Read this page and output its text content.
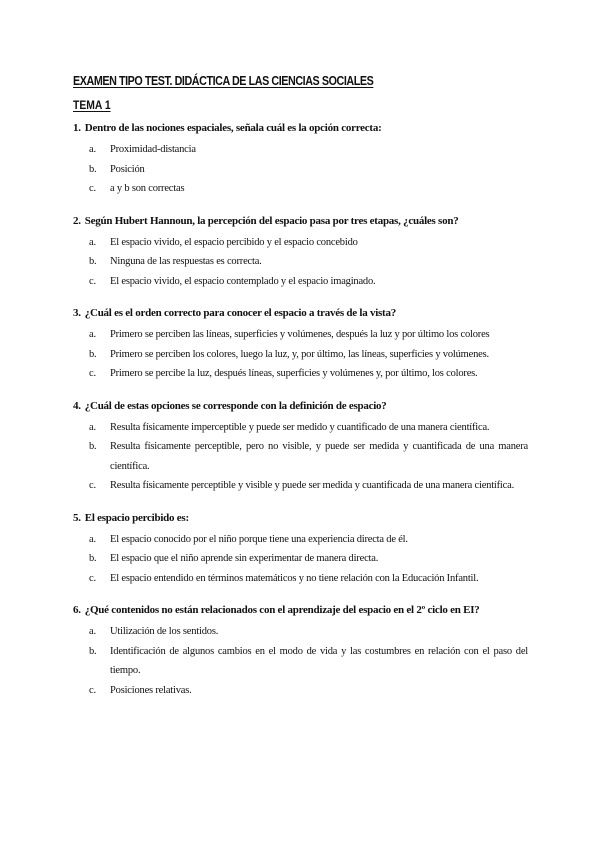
EXAMEN TIPO TEST. DIDÁCTICA DE LAS CIENCIAS SOCIALES
TEMA 1
1. Dentro de las nociones espaciales, señala cuál es la opción correcta:
a. Proximidad-distancia
b. Posición
c. a y b son correctas
2. Según Hubert Hannoun, la percepción del espacio pasa por tres etapas, ¿cuáles son?
a. El espacio vivido, el espacio percibido y el espacio concebido
b. Ninguna de las respuestas es correcta.
c. El espacio vivido, el espacio contemplado y el espacio imaginado.
3. ¿Cuál es el orden correcto para conocer el espacio a través de la vista?
a. Primero se perciben las líneas, superficies y volúmenes, después la luz y por último los colores
b. Primero se perciben los colores, luego la luz, y, por último, las líneas, superficies y volúmenes.
c. Primero se percibe la luz, después líneas, superficies y volúmenes y, por último, los colores.
4. ¿Cuál de estas opciones se corresponde con la definición de espacio?
a. Resulta físicamente imperceptible y puede ser medido y cuantificado de una manera científica.
b. Resulta físicamente perceptible, pero no visible, y puede ser medida y cuantificada de una manera científica.
c. Resulta físicamente perceptible y visible y puede ser medida y cuantificada de una manera científica.
5. El espacio percibido es:
a. El espacio conocido por el niño porque tiene una experiencia directa de él.
b. El espacio que el niño aprende sin experimentar de manera directa.
c. El espacio entendido en términos matemáticos y no tiene relación con la Educación Infantil.
6. ¿Qué contenidos no están relacionados con el aprendizaje del espacio en el 2º ciclo en EI?
a. Utilización de los sentidos.
b. Identificación de algunos cambios en el modo de vida y las costumbres en relación con el paso del tiempo.
c. Posiciones relativas.
